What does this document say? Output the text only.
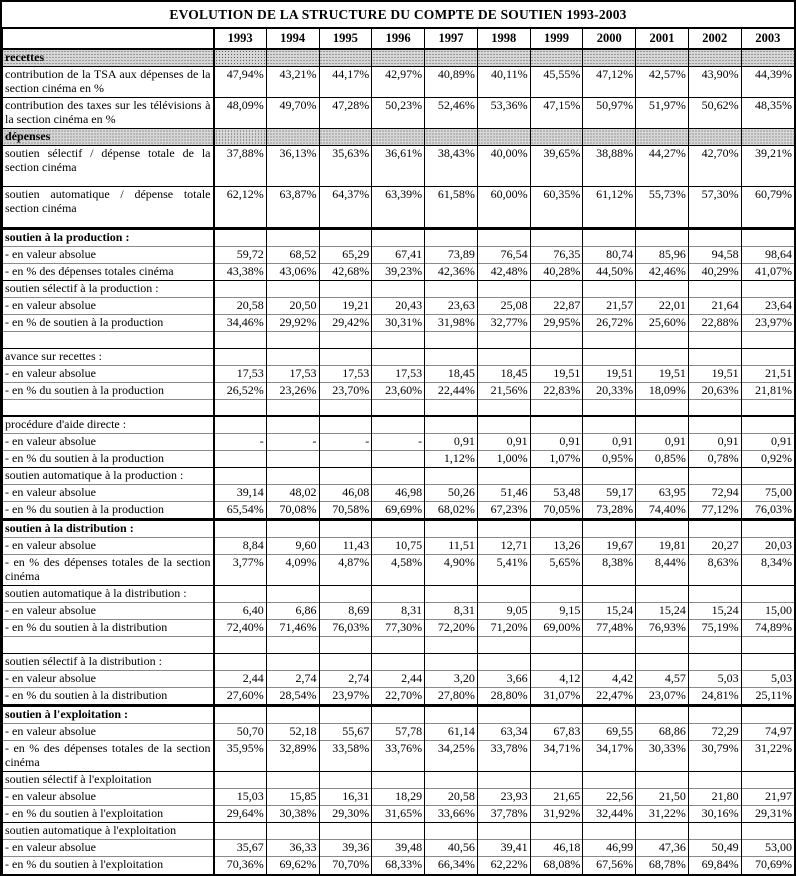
EVOLUTION DE LA STRUCTURE DU COMPTE DE SOUTIEN 1993-2003
	1993	1994	1995	1996	1997	1998	1999	2000	2001	2002	2003
recettes											
contribution de la TSA aux dépenses de la section cinéma en %	47,94%	43,21%	44,17%	42,97%	40,89%	40,11%	45,55%	47,12%	42,57%	43,90%	44,39%
contribution des taxes sur les télévisions à la section cinéma en %	48,09%	49,70%	47,28%	50,23%	52,46%	53,36%	47,15%	50,97%	51,97%	50,62%	48,35%
dépenses											
soutien sélectif / dépense totale de la section cinéma	37,88%	36,13%	35,63%	36,61%	38,43%	40,00%	39,65%	38,88%	44,27%	42,70%	39,21%
soutien automatique / dépense totale section cinéma	62,12%	63,87%	64,37%	63,39%	61,58%	60,00%	60,35%	61,12%	55,73%	57,30%	60,79%
soutien à la production :											
- en valeur absolue	59,72	68,52	65,29	67,41	73,89	76,54	76,35	80,74	85,96	94,58	98,64
- en % des dépenses totales cinéma	43,38%	43,06%	42,68%	39,23%	42,36%	42,48%	40,28%	44,50%	42,46%	40,29%	41,07%
soutien sélectif à la production :											
- en valeur absolue	20,58	20,50	19,21	20,43	23,63	25,08	22,87	21,57	22,01	21,64	23,64
- en % de soutien à la production	34,46%	29,92%	29,42%	30,31%	31,98%	32,77%	29,95%	26,72%	25,60%	22,88%	23,97%

avance sur recettes :											
- en valeur absolue	17,53	17,53	17,53	17,53	18,45	18,45	19,51	19,51	19,51	19,51	21,51
- en % du soutien à la production	26,52%	23,26%	23,70%	23,60%	22,44%	21,56%	22,83%	20,33%	18,09%	20,63%	21,81%

procédure d'aide directe :											
- en valeur absolue	-	-	-	-	0,91	0,91	0,91	0,91	0,91	0,91	0,91
- en % du soutien à la production					1,12%	1,00%	1,07%	0,95%	0,85%	0,78%	0,92%
soutien automatique à la production :											
- en valeur absolue	39,14	48,02	46,08	46,98	50,26	51,46	53,48	59,17	63,95	72,94	75,00
- en % du soutien à la production	65,54%	70,08%	70,58%	69,69%	68,02%	67,23%	70,05%	73,28%	74,40%	77,12%	76,03%
soutien à la distribution :											
- en valeur absolue	8,84	9,60	11,43	10,75	11,51	12,71	13,26	19,67	19,81	20,27	20,03
- en % des dépenses totales de la section cinéma	3,77%	4,09%	4,87%	4,58%	4,90%	5,41%	5,65%	8,38%	8,44%	8,63%	8,34%
soutien automatique à la distribution :											
- en valeur absolue	6,40	6,86	8,69	8,31	8,31	9,05	9,15	15,24	15,24	15,24	15,00
- en % du soutien à la distribution	72,40%	71,46%	76,03%	77,30%	72,20%	71,20%	69,00%	77,48%	76,93%	75,19%	74,89%

soutien sélectif à la distribution :											
- en valeur absolue	2,44	2,74	2,74	2,44	3,20	3,66	4,12	4,42	4,57	5,03	5,03
- en % du soutien à la distribution	27,60%	28,54%	23,97%	22,70%	27,80%	28,80%	31,07%	22,47%	23,07%	24,81%	25,11%
soutien à l'exploitation :											
- en valeur absolue	50,70	52,18	55,67	57,78	61,14	63,34	67,83	69,55	68,86	72,29	74,97
- en % des dépenses totales de la section cinéma	35,95%	32,89%	33,58%	33,76%	34,25%	33,78%	34,71%	34,17%	30,33%	30,79%	31,22%
soutien sélectif à l'exploitation											
- en valeur absolue	15,03	15,85	16,31	18,29	20,58	23,93	21,65	22,56	21,50	21,80	21,97
- en % du soutien à l'exploitation	29,64%	30,38%	29,30%	31,65%	33,66%	37,78%	31,92%	32,44%	31,22%	30,16%	29,31%
soutien automatique à l'exploitation											
- en valeur absolue	35,67	36,33	39,36	39,48	40,56	39,41	46,18	46,99	47,36	50,49	53,00
- en % du soutien à l'exploitation	70,36%	69,62%	70,70%	68,33%	66,34%	62,22%	68,08%	67,56%	68,78%	69,84%	70,69%
